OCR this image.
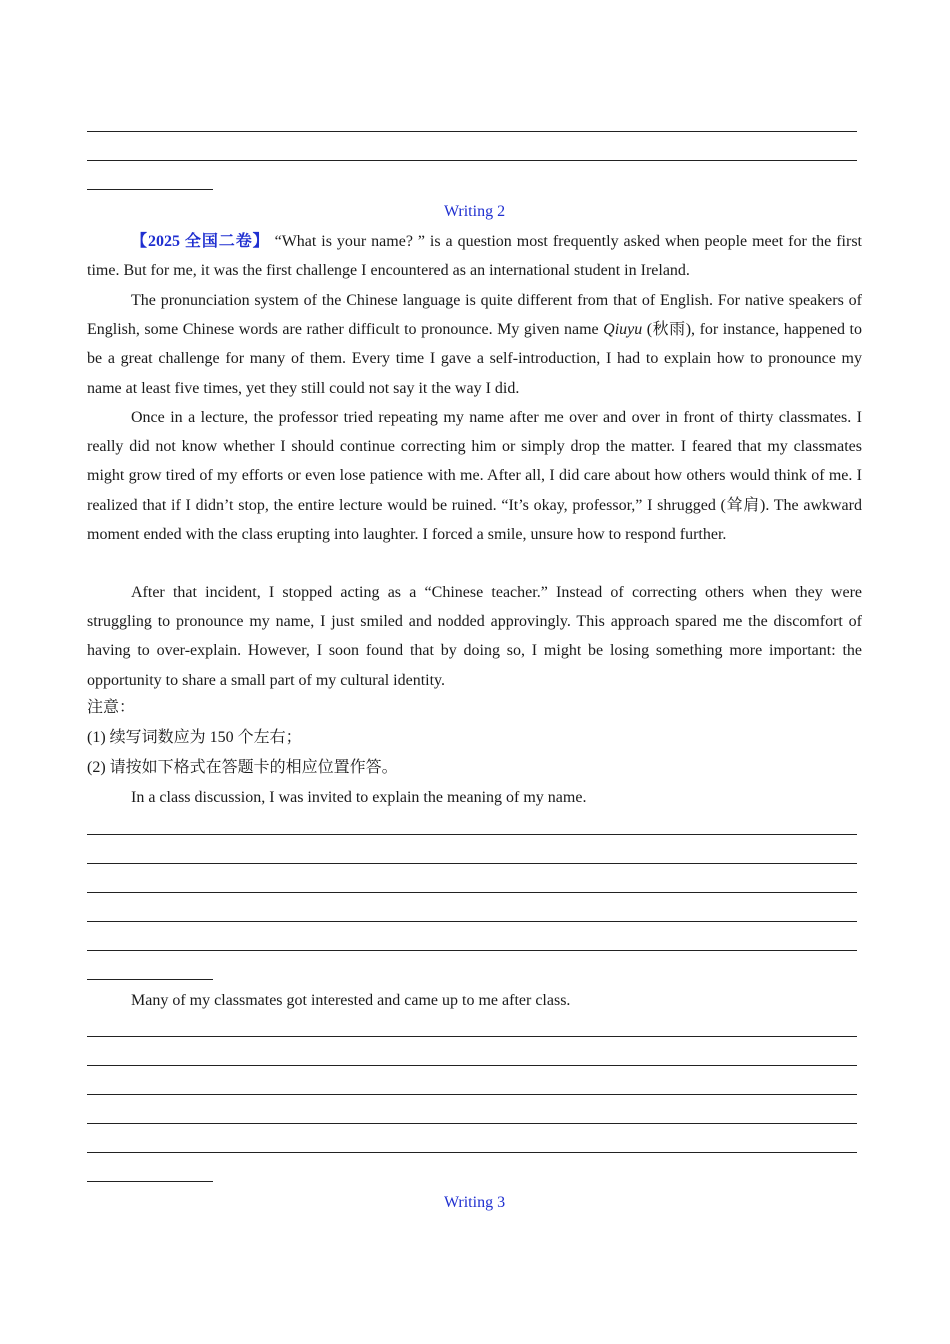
Writing 2

【2025 全国二卷】 “What is your name? ” is a question most frequently asked when people meet for the first time. But for me, it was the first challenge I encountered as an international student in Ireland.

The pronunciation system of the Chinese language is quite different from that of English. For native speakers of English, some Chinese words are rather difficult to pronounce. My given name Qiuyu (秋雨), for instance, happened to be a great challenge for many of them. Every time I gave a self-introduction, I had to explain how to pronounce my name at least five times, yet they still could not say it the way I did.

Once in a lecture, the professor tried repeating my name after me over and over in front of thirty classmates. I really did not know whether I should continue correcting him or simply drop the matter. I feared that my classmates might grow tired of my efforts or even lose patience with me. After all, I did care about how others would think of me. I realized that if I didn’t stop, the entire lecture would be ruined. “It’s okay, professor,” I shrugged (耸肩). The awkward moment ended with the class erupting into laughter. I forced a smile, unsure how to respond further.

After that incident, I stopped acting as a “Chinese teacher.” Instead of correcting others when they were struggling to pronounce my name, I just smiled and nodded approvingly. This approach spared me the discomfort of having to over-explain. However, I soon found that by doing so, I might be losing something more important: the opportunity to share a small part of my cultural identity.

注意：

(1) 续写词数应为 150 个左右；

(2) 请按如下格式在答题卡的相应位置作答。

In a class discussion, I was invited to explain the meaning of my name.

Many of my classmates got interested and came up to me after class.

Writing 3
